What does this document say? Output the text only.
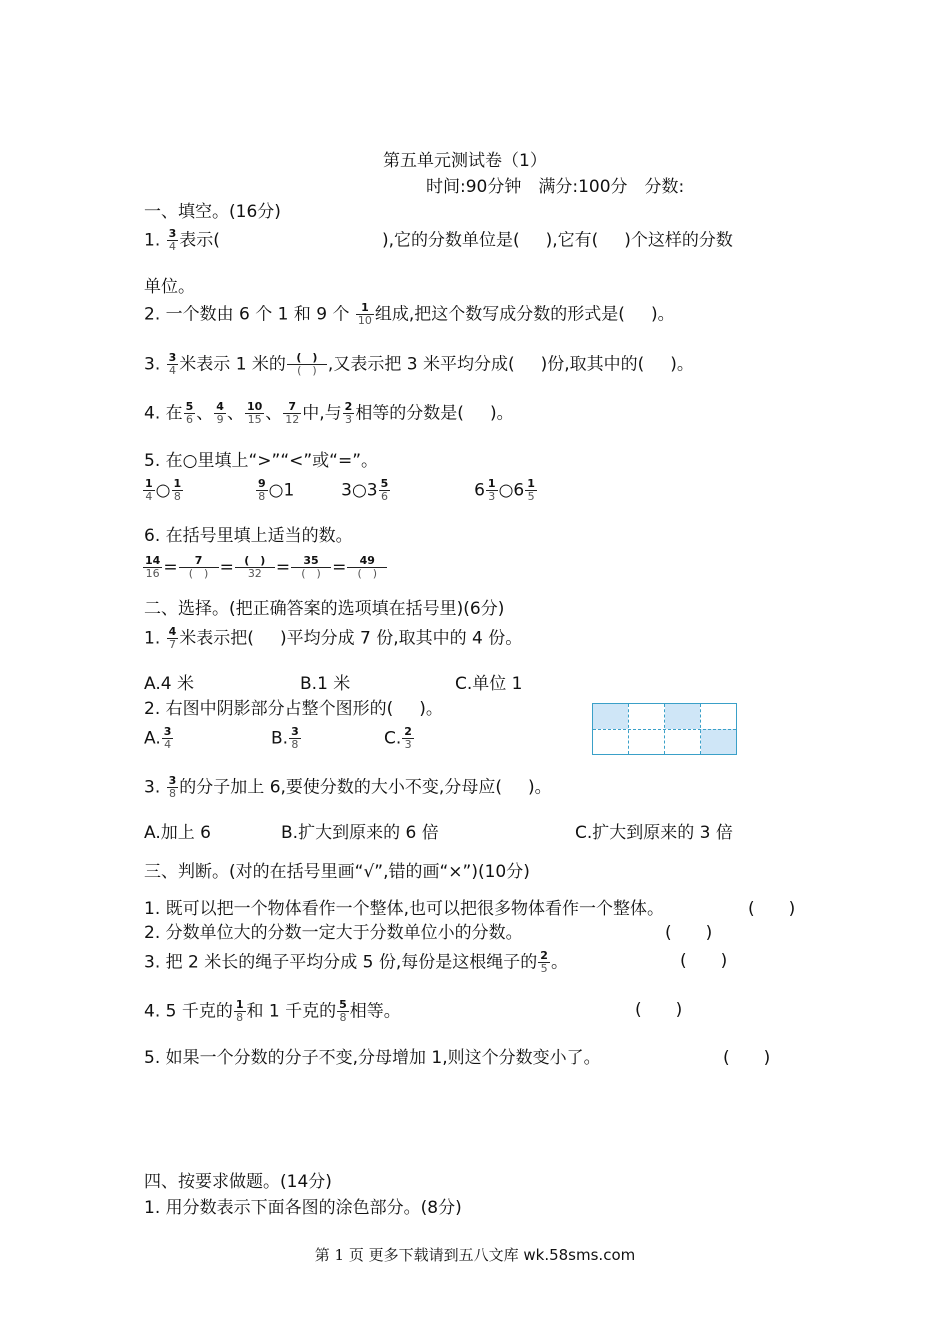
第五单元测试卷（1）
时间:90分钟　满分:100分　分数:
一、填空。(16分)
1. $\frac{3}{4}$ 表示(	),它的分数单位是( ),它有( )个这样的分数
单位。
2. 一个数由 6 个 1 和 9 个 $\frac{1}{10}$ 组成,把这个数写成分数的形式是( )。
3. $\frac{3}{4}$ 米表示 1 米的 (　)
(　) ,又表示把 3 米平均分成( )份,取其中的( )。
4. 在 $\frac{5}{6}$ 、 $\frac{4}{9}$ 、 $\frac{10}{15}$ 、 $\frac{7}{12}$ 中,与 $\frac{2}{3}$ 相等的分数是( )。
5. 在○里填上“>”“<”或“=”。
$\frac{1}{4}$ ○ $\frac{1}{8}$
	$\frac{9}{8}$ ○1	3○3 $\frac{5}{6}$	$6 \frac{1}{3}$ ○6 $\frac{1}{5}$
6. 在括号里填上适当的数。
$\frac{14}{16} = 7$
(　) = (　)
32 = 35
(　) = 49
(　)
二、选择。(把正确答案的选项填在括号里)(6分)
1. $\frac{4}{7}$ 米表示把( )平均分成 7 份,取其中的 4 份。
A.4 米	B.1 米	C.单位 1
2. 右图中阴影部分占整个图形的( )。
A. $\frac{3}{4}$	B. $\frac{3}{8}$	C. $\frac{2}{3}$
3. $\frac{3}{8}$ 的分子加上 6,要使分数的大小不变,分母应( )。
A.加上 6	B.扩大到原来的 6 倍	C.扩大到原来的 3 倍
三、判断。(对的在括号里画“√”,错的画“×”)(10分)
1. 既可以把一个物体看作一个整体,也可以把很多物体看作一个整体。	(　　)
2. 分数单位大的分数一定大于分数单位小的分数。	(　　)
3. 把 2 米长的绳子平均分成 5 份,每份是这根绳子的 $\frac{2}{5}$ 。	(　　)
4. 5 千克的 $\frac{1}{8}$ 和 1 千克的 $\frac{5}{8}$ 相等。	(　　)
5. 如果一个分数的分子不变,分母增加 1,则这个分数变小了。	(　　)
四、按要求做题。(14分)
1. 用分数表示下面各图的涂色部分。(8分)
第 1 页 更多下载请到五八文库 wk.58sms.com
